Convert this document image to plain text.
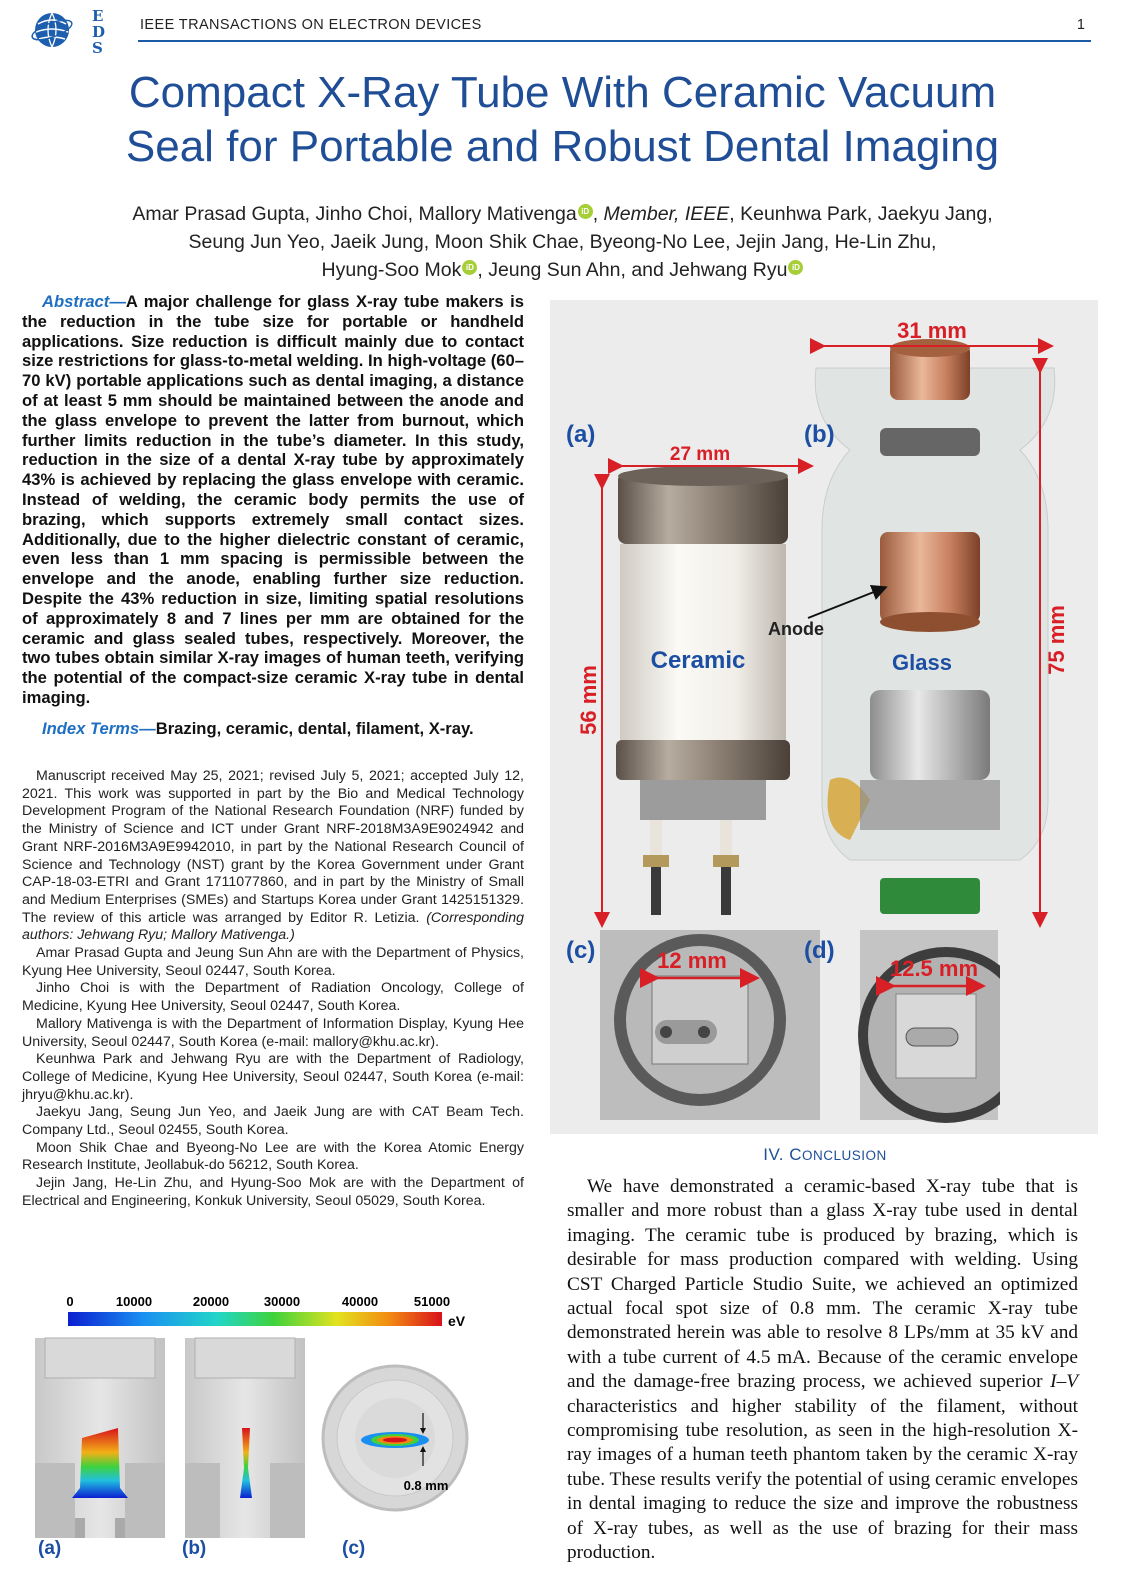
E
D
S
IEEE TRANSACTIONS ON ELECTRON DEVICES	1
Compact X-Ray Tube With Ceramic Vacuum
Seal for Portable and Robust Dental Imaging
Amar Prasad Gupta, Jinho Choi, Mallory Mativenga iD , Member, IEEE, Keunhwa Park, Jaekyu Jang,
Seung Jun Yeo, Jaeik Jung, Moon Shik Chae, Byeong-No Lee, Jejin Jang, He-Lin Zhu,
Hyung-Soo Mok iD , Jeung Sun Ahn, and Jehwang Ryu iD
Abstract—A major challenge for glass X-ray tube makers is the reduction in the tube size for portable or handheld applications. Size reduction is difficult mainly due to contact size restrictions for glass-to-metal welding. In high-voltage (60–70 kV) portable applications such as dental imaging, a distance of at least 5 mm should be maintained between the anode and the glass envelope to prevent the latter from burnout, which further limits reduction in the tube’s diameter. In this study, reduction in the size of a dental X-ray tube by approximately 43% is achieved by replacing the glass envelope with ceramic. Instead of welding, the ceramic body permits the use of brazing, which supports extremely small contact sizes. Additionally, due to the higher dielectric constant of ceramic, even less than 1 mm spacing is permissible between the envelope and the anode, enabling further size reduction. Despite the 43% reduction in size, limiting spatial resolutions of approximately 8 and 7 lines per mm are obtained for the ceramic and glass sealed tubes, respectively. Moreover, the two tubes obtain similar X-ray images of human teeth, verifying the potential of the compact-size ceramic X-ray tube in dental imaging.
Index Terms—Brazing, ceramic, dental, filament, X-ray.

Manuscript received May 25, 2021; revised July 5, 2021; accepted July 12, 2021. This work was supported in part by the Bio and Medical Technology Development Program of the National Research Foundation (NRF) funded by the Ministry of Science and ICT under Grant NRF-2018M3A9E9024942 and Grant NRF-2016M3A9E9942010, in part by the National Research Council of Science and Technology (NST) grant by the Korea Government under Grant CAP-18-03-ETRI and Grant 1711077860, and in part by the Ministry of Small and Medium Enterprises (SMEs) and Startups Korea under Grant 1425151329. The review of this article was arranged by Editor R. Letizia. (Corresponding authors: Jehwang Ryu; Mallory Mativenga.)

Amar Prasad Gupta and Jeung Sun Ahn are with the Department of Physics, Kyung Hee University, Seoul 02447, South Korea.

Jinho Choi is with the Department of Radiation Oncology, College of Medicine, Kyung Hee University, Seoul 02447, South Korea.

Mallory Mativenga is with the Department of Information Display, Kyung Hee University, Seoul 02447, South Korea (e-mail: mallory@khu.ac.kr).

Keunhwa Park and Jehwang Ryu are with the Department of Radiology, College of Medicine, Kyung Hee University, Seoul 02447, South Korea (e-mail: jhryu@khu.ac.kr).

Jaekyu Jang, Seung Jun Yeo, and Jaeik Jung are with CAT Beam Tech. Company Ltd., Seoul 02455, South Korea.

Moon Shik Chae and Byeong-No Lee are with the Korea Atomic Energy Research Institute, Jeollabuk-do 56212, South Korea.

Jejin Jang, He-Lin Zhu, and Hyung-Soo Mok are with the Department of Electrical and Engineering, Konkuk University, Seoul 05029, South Korea.

0	10000	20000	30000	40000	51000
eV
(a)	(b)
0.8 mm
(c)
(a)	(b)
(c)	(d)
31 mm
27 mm
56 mm
75 mm
12 mm	12.5 mm
Ceramic	Glass
Anode
IV. CONCLUSION

We have demonstrated a ceramic-based X-ray tube that is smaller and more robust than a glass X-ray tube used in dental imaging. The ceramic tube is produced by brazing, which is desirable for mass production compared with welding. Using CST Charged Particle Studio Suite, we achieved an optimized actual focal spot size of 0.8 mm. The ceramic X-ray tube demonstrated herein was able to resolve 8 LPs/mm at 35 kV and with a tube current of 4.5 mA. Because of the ceramic envelope and the damage-free brazing process, we achieved superior I–V characteristics and higher stability of the filament, without compromising tube resolution, as seen in the high-resolution X-ray images of a human teeth phantom taken by the ceramic X-ray tube. These results verify the potential of using ceramic envelopes in dental imaging to reduce the size and improve the robustness of X-ray tubes, as well as the use of brazing for their mass production.
